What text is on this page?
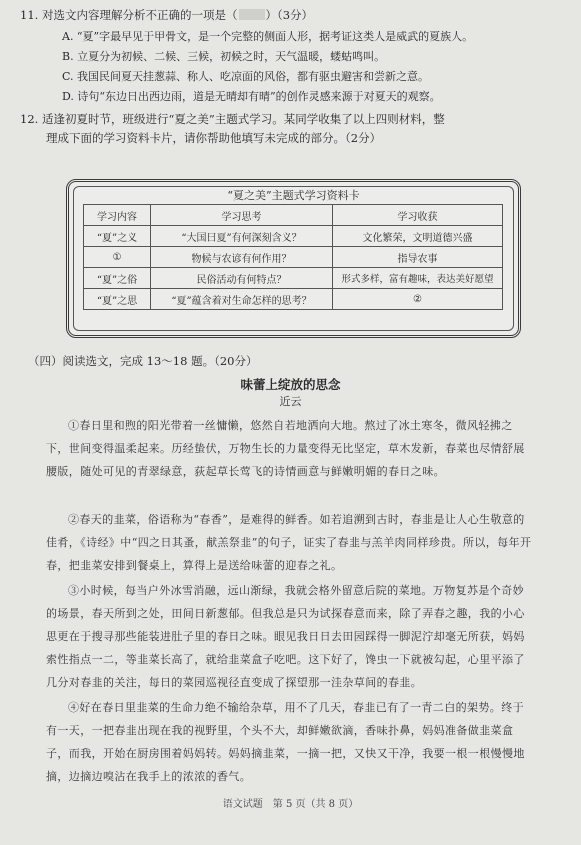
11. 对选文内容理解分析不正确的一项是（ ）（3分）
A. “夏”字最早见于甲骨文，是一个完整的侧面人形，据考证这类人是威武的夏族人。
B. 立夏分为初候、二候、三候，初候之时，天气温暖，蝼蛄鸣叫。
C. 我国民间夏天挂葱蒜、称人、吃凉面的风俗，都有驱虫避害和尝新之意。
D. 诗句“东边日出西边雨，道是无晴却有晴”的创作灵感来源于对夏天的观察。
12. 适逢初夏时节，班级进行“夏之美”主题式学习。某同学收集了以上四则材料，整
理成下面的学习资料卡片，请你帮助他填写未完成的部分。（2分）
“夏之美”主题式学习资料卡
学习内容	学习思考	学习收获
“夏”之义	“大国曰夏”有何深刻含义？	文化繁荣，文明道德兴盛
①	物候与农谚有何作用？	指导农事
“夏”之俗	民俗活动有何特点？	形式多样，富有趣味，表达美好愿望
“夏”之思	“夏”蕴含着对生命怎样的思考？	②
（四）阅读选文，完成 13～18 题。（20分）
味蕾上绽放的思念
近云
①春日里和煦的阳光带着一丝慵懒，悠然自若地洒向大地。熬过了冰土寒冬，微风轻拂之下，世间变得温柔起来。历经蛰伏，万物生长的力量变得无比坚定，草木发新，春菜也尽情舒展腰版，随处可见的青翠绿意，荻起草长莺飞的诗情画意与鲜嫩明媚的春日之味。
②春天的韭菜，俗语称为“春香”，是难得的鲜香。如若追溯到古时，春韭是让人心生敬意的佳肴，《诗经》中“四之日其蚤，献羔祭韭”的句子，证实了春韭与羔羊肉同样珍贵。所以，每年开春，把韭菜安排到餐桌上，算得上是送给味蕾的迎春之礼。
③小时候，每当户外冰雪消融，远山渐绿，我就会格外留意后院的菜地。万物复苏是个奇妙的场景，春天所到之处，田间日新葱郁。但我总是只为试探春意而来，除了弄春之趣，我的小心思更在于搜寻那些能装进肚子里的春日之味。眼见我日日去田园踩得一脚泥泞却毫无所获，妈妈索性指点一二，等韭菜长高了，就给韭菜盒子吃吧。这下好了，馋虫一下就被勾起，心里平添了几分对春韭的关注，每日的菜园巡视径直变成了探望那一洼杂草间的春韭。
④好在春日里韭菜的生命力绝不输给杂草，用不了几天，春韭已有了一青二白的架势。终于有一天，一把春韭出现在我的视野里，个头不大，却鲜嫩欲滴，香味扑鼻，妈妈准备做韭菜盒子，而我，开始在厨房围着妈妈转。妈妈摘韭菜，一摘一把，又快又干净，我要一根一根慢慢地摘，边摘边嗅沾在我手上的浓浓的香气。
语文试题　第 5 页（共 8 页）
